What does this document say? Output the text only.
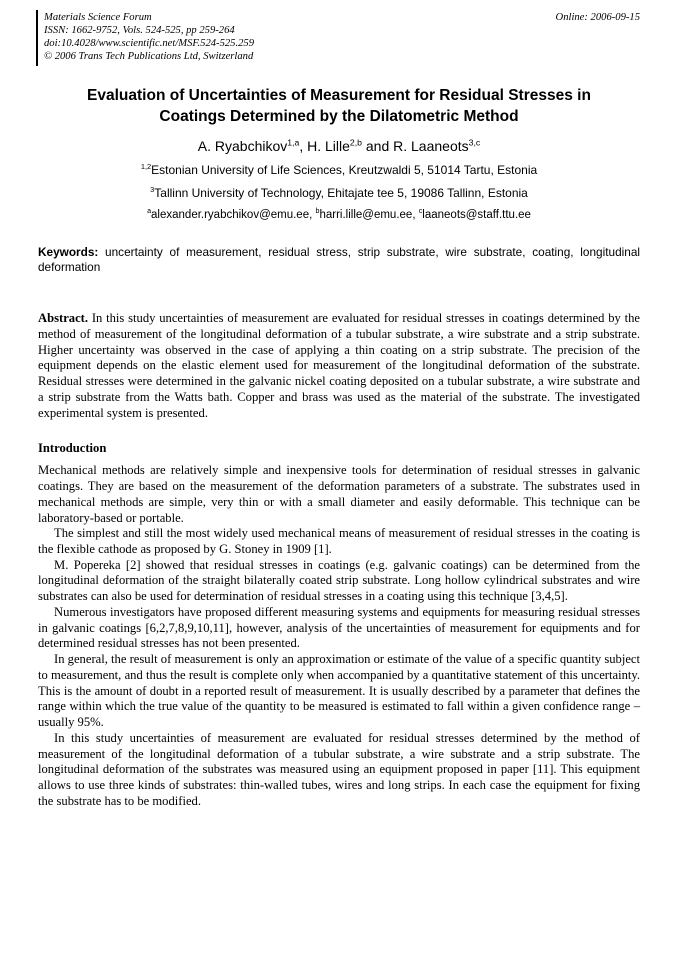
Materials Science Forum
ISSN: 1662-9752, Vols. 524-525, pp 259-264
doi:10.4028/www.scientific.net/MSF.524-525.259
© 2006 Trans Tech Publications Ltd, Switzerland
Online: 2006-09-15
Evaluation of Uncertainties of Measurement for Residual Stresses in Coatings Determined by the Dilatometric Method
A. Ryabchikov$^{1,a}$, H. Lille$^{2,b}$ and R. Laaneots$^{3,c}$
$^{1,2}$Estonian University of Life Sciences, Kreutzwaldi 5, 51014 Tartu, Estonia
$^3$Tallinn University of Technology, Ehitajate tee 5, 19086 Tallinn, Estonia
$^a$alexander.ryabchikov@emu.ee, $^b$harri.lille@emu.ee, $^c$laaneots@staff.ttu.ee
Keywords: uncertainty of measurement, residual stress, strip substrate, wire substrate, coating, longitudinal deformation
Abstract. In this study uncertainties of measurement are evaluated for residual stresses in coatings determined by the method of measurement of the longitudinal deformation of a tubular substrate, a wire substrate and a strip substrate. Higher uncertainty was observed in the case of applying a thin coating on a strip substrate. The precision of the equipment depends on the elastic element used for measurement of the longitudinal deformation of the substrate. Residual stresses were determined in the galvanic nickel coating deposited on a tubular substrate, a wire substrate and a strip substrate from the Watts bath. Copper and brass was used as the material of the substrate. The investigated experimental system is presented.
Introduction

Mechanical methods are relatively simple and inexpensive tools for determination of residual stresses in galvanic coatings. They are based on the measurement of the deformation parameters of a substrate. The substrates used in mechanical methods are simple, very thin or with a small diameter and easily deformable. This technique can be laboratory-based or portable.

The simplest and still the most widely used mechanical means of measurement of residual stresses in the coating is the flexible cathode as proposed by G. Stoney in 1909 [1].

M. Popereka [2] showed that residual stresses in coatings (e.g. galvanic coatings) can be determined from the longitudinal deformation of the straight bilaterally coated strip substrate. Long hollow cylindrical substrates and wire substrates can also be used for determination of residual stresses in a coating using this technique [3,4,5].

Numerous investigators have proposed different measuring systems and equipments for measuring residual stresses in galvanic coatings [6,2,7,8,9,10,11], however, analysis of the uncertainties of measurement for equipments and for determined residual stresses has not been presented.

In general, the result of measurement is only an approximation or estimate of the value of a specific quantity subject to measurement, and thus the result is complete only when accompanied by a quantitative statement of this uncertainty. This is the amount of doubt in a reported result of measurement. It is usually described by a parameter that defines the range within which the true value of the quantity to be measured is estimated to fall within a given confidence range – usually 95%.

In this study uncertainties of measurement are evaluated for residual stresses determined by the method of measurement of the longitudinal deformation of a tubular substrate, a wire substrate and a strip substrate. The longitudinal deformation of the substrates was measured using an equipment proposed in paper [11]. This equipment allows to use three kinds of substrates: thin-walled tubes, wires and long strips. In each case the equipment for fixing the substrate has to be modified.
